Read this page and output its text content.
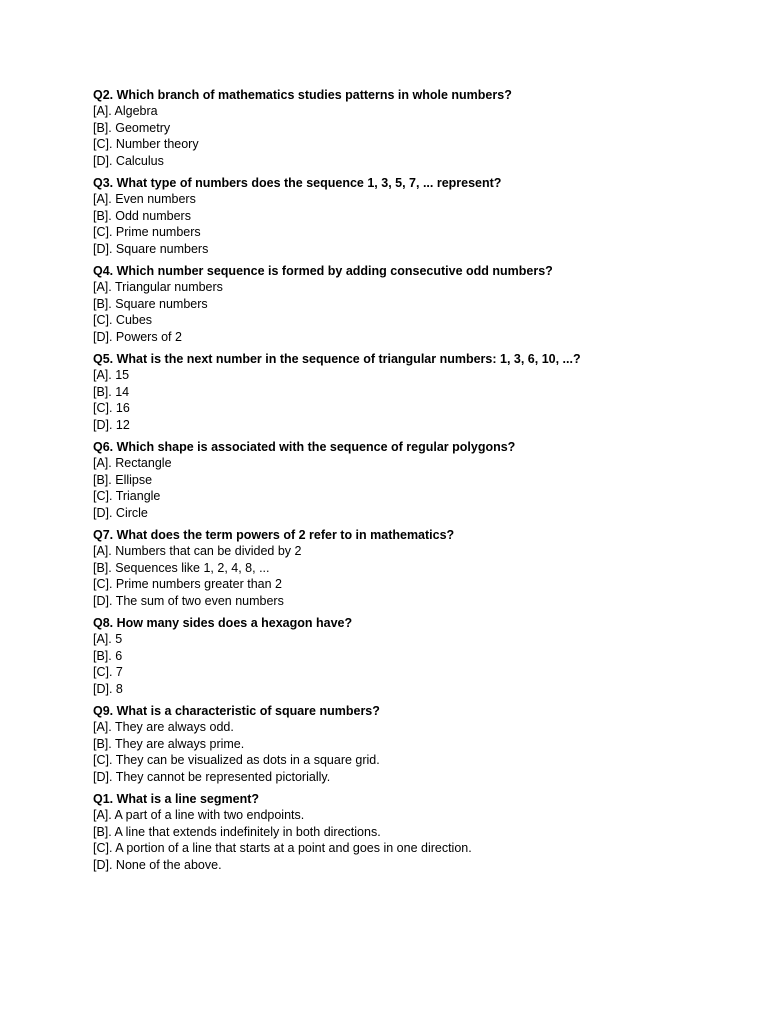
Q2. Which branch of mathematics studies patterns in whole numbers?
[A]. Algebra
[B]. Geometry
[C]. Number theory
[D]. Calculus
Q3. What type of numbers does the sequence 1, 3, 5, 7, ... represent?
[A]. Even numbers
[B]. Odd numbers
[C]. Prime numbers
[D]. Square numbers
Q4. Which number sequence is formed by adding consecutive odd numbers?
[A]. Triangular numbers
[B]. Square numbers
[C]. Cubes
[D]. Powers of 2
Q5. What is the next number in the sequence of triangular numbers: 1, 3, 6, 10, ...?
[A]. 15
[B]. 14
[C]. 16
[D]. 12
Q6. Which shape is associated with the sequence of regular polygons?
[A]. Rectangle
[B]. Ellipse
[C]. Triangle
[D]. Circle
Q7. What does the term powers of 2 refer to in mathematics?
[A]. Numbers that can be divided by 2
[B]. Sequences like 1, 2, 4, 8, ...
[C]. Prime numbers greater than 2
[D]. The sum of two even numbers
Q8. How many sides does a hexagon have?
[A]. 5
[B]. 6
[C]. 7
[D]. 8
Q9. What is a characteristic of square numbers?
[A]. They are always odd.
[B]. They are always prime.
[C]. They can be visualized as dots in a square grid.
[D]. They cannot be represented pictorially.
Q1. What is a line segment?
[A]. A part of a line with two endpoints.
[B]. A line that extends indefinitely in both directions.
[C]. A portion of a line that starts at a point and goes in one direction.
[D]. None of the above.
